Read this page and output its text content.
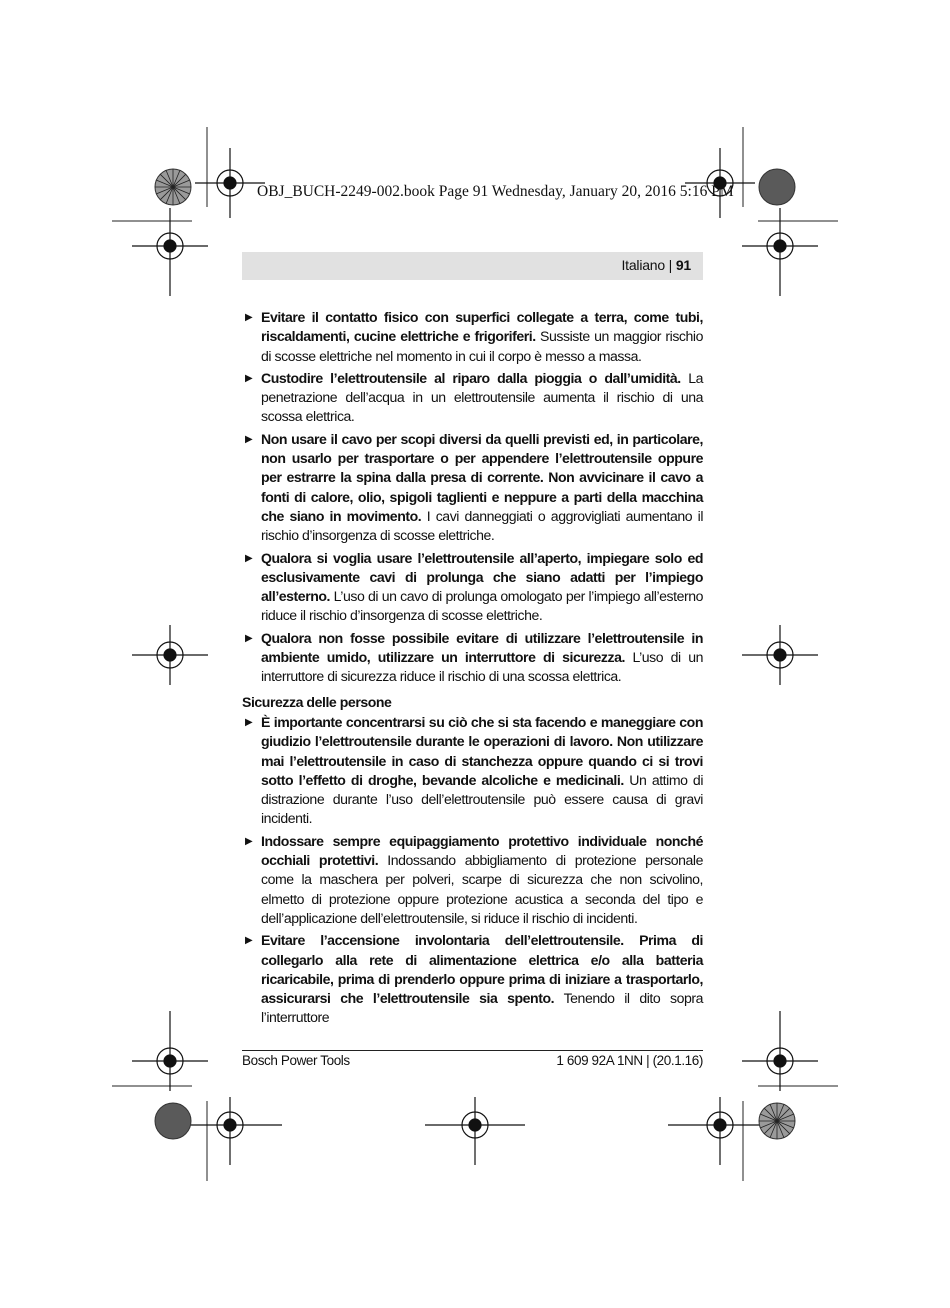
OBJ_BUCH-2249-002.book Page 91 Wednesday, January 20, 2016 5:16 PM
Italiano | 91
▶ Evitare il contatto fisico con superfici collegate a terra, come tubi, riscaldamenti, cucine elettriche e frigoriferi. Sussiste un maggior rischio di scosse elettriche nel momento in cui il corpo è messo a massa.
▶ Custodire l’elettroutensile al riparo dalla pioggia o dall’umidità. La penetrazione dell’acqua in un elettroutensile aumenta il rischio di una scossa elettrica.
▶ Non usare il cavo per scopi diversi da quelli previsti ed, in particolare, non usarlo per trasportare o per appendere l’elettroutensile oppure per estrarre la spina dalla presa di corrente. Non avvicinare il cavo a fonti di calore, olio, spigoli taglienti e neppure a parti della macchina che siano in movimento. I cavi danneggiati o aggrovigliati aumentano il rischio d’insorgenza di scosse elettriche.
▶ Qualora si voglia usare l’elettroutensile all’aperto, impiegare solo ed esclusivamente cavi di prolunga che siano adatti per l’impiego all’esterno. L’uso di un cavo di prolunga omologato per l’impiego all’esterno riduce il rischio d’insorgenza di scosse elettriche.
▶ Qualora non fosse possibile evitare di utilizzare l’elettroutensile in ambiente umido, utilizzare un interruttore di sicurezza. L’uso di un interruttore di sicurezza riduce il rischio di una scossa elettrica.
Sicurezza delle persone
▶ È importante concentrarsi su ciò che si sta facendo e maneggiare con giudizio l’elettroutensile durante le operazioni di lavoro. Non utilizzare mai l’elettroutensile in caso di stanchezza oppure quando ci si trovi sotto l’effetto di droghe, bevande alcoliche e medicinali. Un attimo di distrazione durante l’uso dell’elettroutensile può essere causa di gravi incidenti.
▶ Indossare sempre equipaggiamento protettivo individuale nonché occhiali protettivi. Indossando abbigliamento di protezione personale come la maschera per polveri, scarpe di sicurezza che non scivolino, elmetto di protezione oppure protezione acustica a seconda del tipo e dell’applicazione dell’elettroutensile, si riduce il rischio di incidenti.
▶ Evitare l’accensione involontaria dell’elettroutensile. Prima di collegarlo alla rete di alimentazione elettrica e/o alla batteria ricaricabile, prima di prenderlo oppure prima di iniziare a trasportarlo, assicurarsi che l’elettroutensile sia spento. Tenendo il dito sopra l’interruttore
Bosch Power Tools	1 609 92A 1NN | (20.1.16)
